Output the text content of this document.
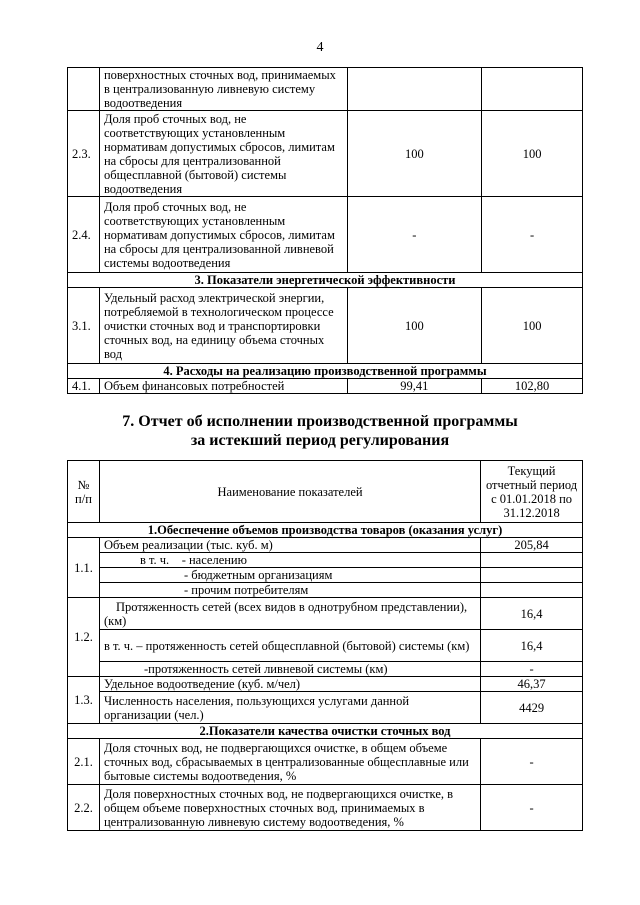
4
	поверхностных сточных вод, принимаемых в централизованную ливневую систему водоотведения		
2.3.	Доля проб сточных вод, не соответствующих установленным нормативам допустимых сбросов, лимитам на сбросы для централизованной общесплавной (бытовой) системы водоотведения	100	100
2.4.	Доля проб сточных вод, не соответствующих установленным нормативам допустимых сбросов, лимитам на сбросы для централизованной ливневой системы водоотведения	-	-
3. Показатели энергетической эффективности			
3.1.	Удельный расход электрической энергии, потребляемой в технологическом процессе очистки сточных вод и транспортировки сточных вод, на единицу объема сточных вод	100	100
4. Расходы на реализацию производственной программы			
4.1.	Объем финансовых потребностей	99,41	102,80
7. Отчет об исполнении производственной программы
за истекший период регулирования
№ п/п	Наименование показателей	Текущий отчетный период с 01.01.2018 по 31.12.2018
1.Обеспечение объемов производства товаров (оказания услуг)		
1.1.	Объем реализации (тыс. куб. м)	205,84
	в т. ч. - населению	
	- бюджетным организациям	
	- прочим потребителям	
1.2.	Протяженность сетей (всех видов в однотрубном представлении), (км)	16,4
	в т. ч. – протяженность сетей общесплавной (бытовой) системы (км)	16,4
	-протяженность сетей ливневой системы (км)	-
1.3.	Удельное водоотведение (куб. м/чел)	46,37
	Численность населения, пользующихся услугами данной организации (чел.)	4429
2.Показатели качества очистки сточных вод		
2.1.	Доля сточных вод, не подвергающихся очистке, в общем объеме сточных вод, сбрасываемых в централизованные общесплавные или бытовые системы водоотведения, %	-
2.2.	Доля поверхностных сточных вод, не подвергающихся очистке, в общем объеме поверхностных сточных вод, принимаемых в централизованную ливневую систему водоотведения, %	-
